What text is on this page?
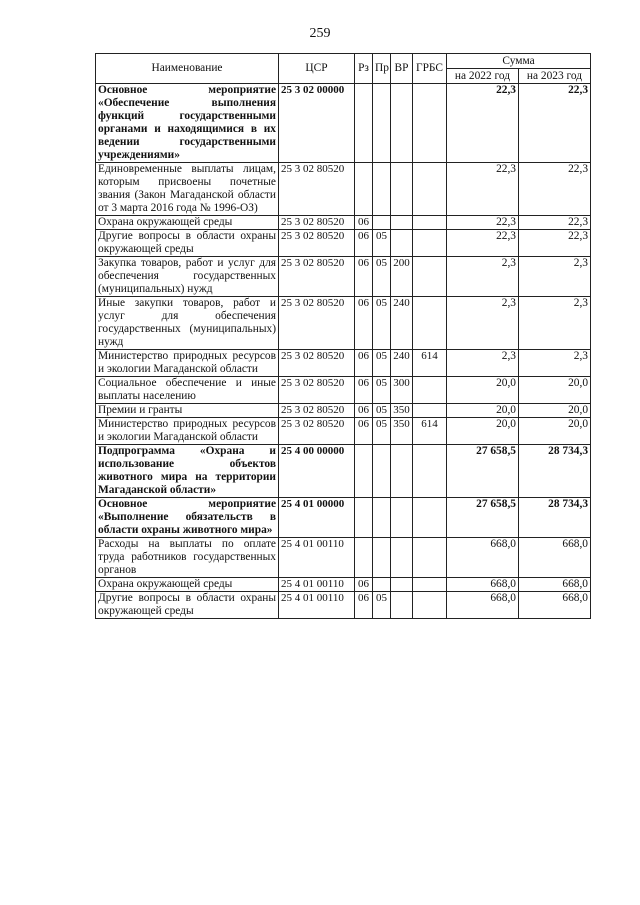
259
Наименование	ЦСР	Рз	Пр	ВР	ГРБС	Сумма	
						на 2022 год	на 2023 год
Основное мероприятие «Обеспечение выполнения функций государственными органами и находящимися в их ведении государственными учреждениями»	25 3 02 00000					22,3	22,3
Единовременные выплаты лицам, которым присвоены почетные звания (Закон Магаданской области от 3 марта 2016 года № 1996-ОЗ)	25 3 02 80520					22,3	22,3
Охрана окружающей среды	25 3 02 80520	06				22,3	22,3
Другие вопросы в области охраны окружающей среды	25 3 02 80520	06	05			22,3	22,3
Закупка товаров, работ и услуг для обеспечения государственных (муниципальных) нужд	25 3 02 80520	06	05	200		2,3	2,3
Иные закупки товаров, работ и услуг для обеспечения государственных (муниципальных) нужд	25 3 02 80520	06	05	240		2,3	2,3
Министерство природных ресурсов и экологии Магаданской области	25 3 02 80520	06	05	240	614	2,3	2,3
Социальное обеспечение и иные выплаты населению	25 3 02 80520	06	05	300		20,0	20,0
Премии и гранты	25 3 02 80520	06	05	350		20,0	20,0
Министерство природных ресурсов и экологии Магаданской области	25 3 02 80520	06	05	350	614	20,0	20,0
Подпрограмма «Охрана и использование объектов животного мира на территории Магаданской области»	25 4 00 00000					27 658,5	28 734,3
Основное мероприятие «Выполнение обязательств в области охраны животного мира»	25 4 01 00000					27 658,5	28 734,3
Расходы на выплаты по оплате труда работников государственных органов	25 4 01 00110					668,0	668,0
Охрана окружающей среды	25 4 01 00110	06				668,0	668,0
Другие вопросы в области охраны окружающей среды	25 4 01 00110	06	05			668,0	668,0
